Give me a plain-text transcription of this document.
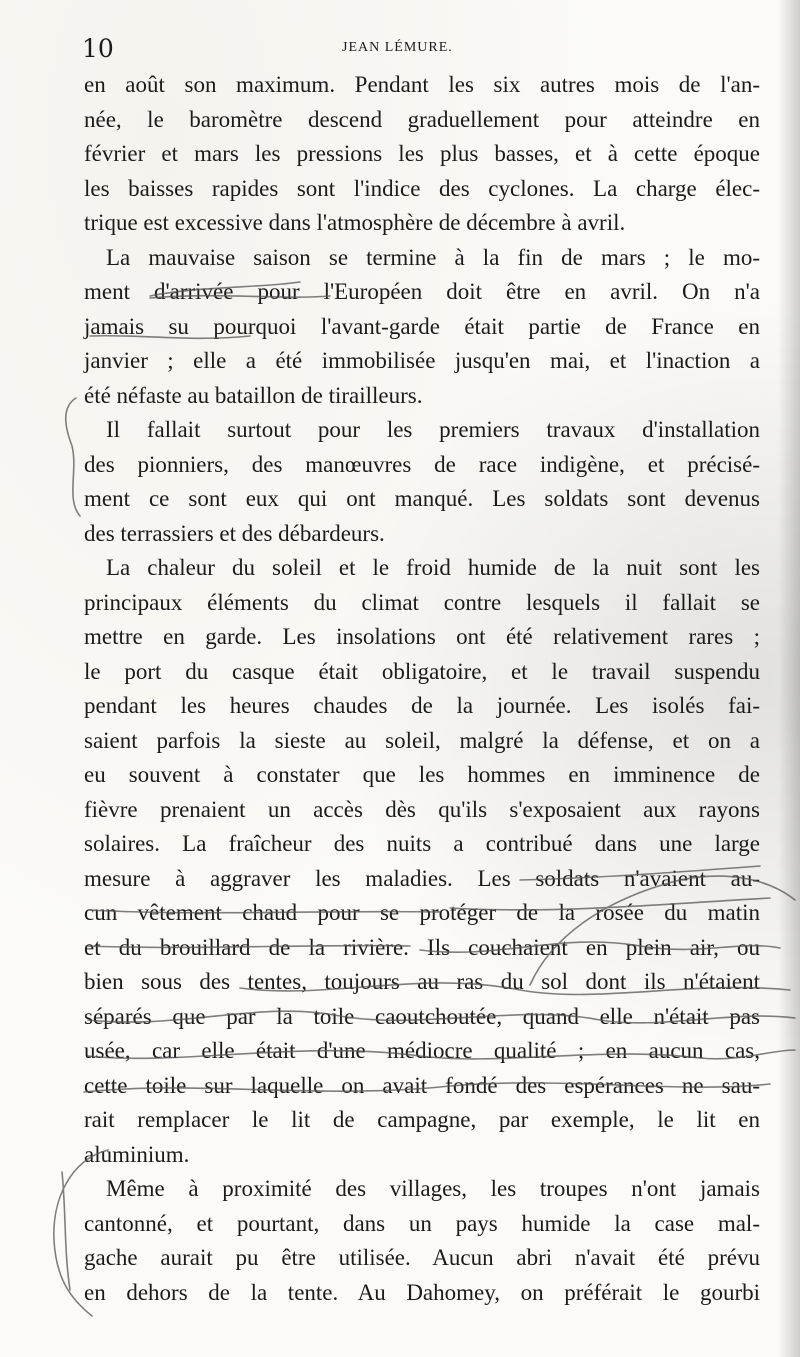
10	JEAN LÉMURE.
en août son maximum. Pendant les six autres mois de l'an-
née, le baromètre descend graduellement pour atteindre en
février et mars les pressions les plus basses, et à cette époque
les baisses rapides sont l'indice des cyclones. La charge élec-
trique est excessive dans l'atmosphère de décembre à avril.
La mauvaise saison se termine à la fin de mars ; le mo-
ment d'arrivée pour l'Européen doit être en avril. On n'a
jamais su pourquoi l'avant-garde était partie de France en
janvier ; elle a été immobilisée jusqu'en mai, et l'inaction a
été néfaste au bataillon de tirailleurs.
Il fallait surtout pour les premiers travaux d'installation
des pionniers, des manœuvres de race indigène, et précisé-
ment ce sont eux qui ont manqué. Les soldats sont devenus
des terrassiers et des débardeurs.
La chaleur du soleil et le froid humide de la nuit sont les
principaux éléments du climat contre lesquels il fallait se
mettre en garde. Les insolations ont été relativement rares ;
le port du casque était obligatoire, et le travail suspendu
pendant les heures chaudes de la journée. Les isolés fai-
saient parfois la sieste au soleil, malgré la défense, et on a
eu souvent à constater que les hommes en imminence de
fièvre prenaient un accès dès qu'ils s'exposaient aux rayons
solaires. La fraîcheur des nuits a contribué dans une large
mesure à aggraver les maladies. Les soldats n'avaient au-
cun vêtement chaud pour se protéger de la rosée du matin
et du brouillard de la rivière. Ils couchaient en plein air, ou
bien sous des tentes, toujours au ras du sol dont ils n'étaient
séparés que par la toile caoutchoutée, quand elle n'était pas
usée, car elle était d'une médiocre qualité ; en aucun cas,
cette toile sur laquelle on avait fondé des espérances ne sau-
rait remplacer le lit de campagne, par exemple, le lit en
aluminium.
Même à proximité des villages, les troupes n'ont jamais
cantonné, et pourtant, dans un pays humide la case mal-
gache aurait pu être utilisée. Aucun abri n'avait été prévu
en dehors de la tente. Au Dahomey, on préférait le gourbi
